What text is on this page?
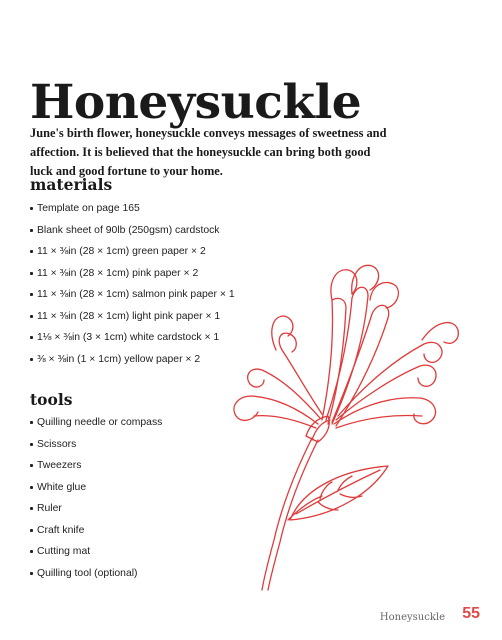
Honeysuckle

June's birth flower, honeysuckle conveys messages of sweetness and affection. It is believed that the honeysuckle can bring both good luck and good fortune to your home.

materials
Template on page 165
Blank sheet of 90lb (250gsm) cardstock
11 × ⅜in (28 × 1cm) green paper × 2
11 × ⅜in (28 × 1cm) pink paper × 2
11 × ⅜in (28 × 1cm) salmon pink paper × 1
11 × ⅜in (28 × 1cm) light pink paper × 1
1⅛ × ⅜in (3 × 1cm) white cardstock × 1
⅜ × ⅜in (1 × 1cm) yellow paper × 2
tools
Quilling needle or compass
Scissors
Tweezers
White glue
Ruler
Craft knife
Cutting mat
Quilling tool (optional)
Honeysuckle 55
